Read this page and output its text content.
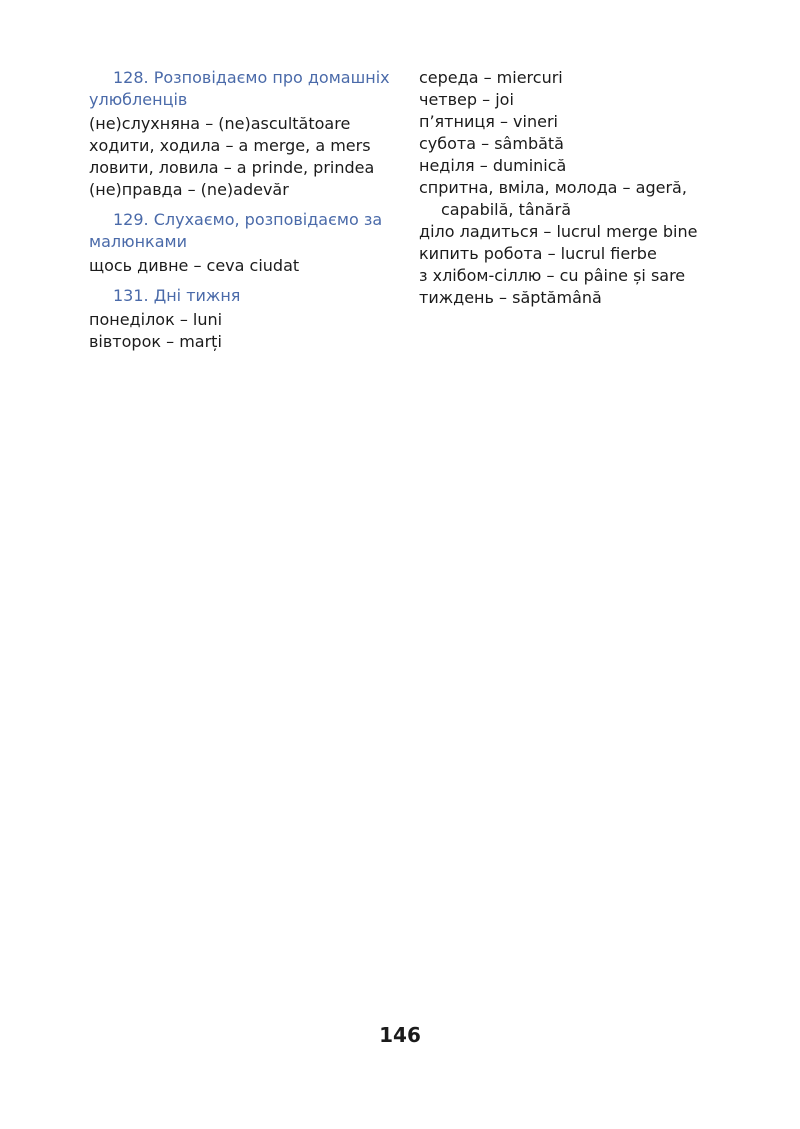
128. Розповідаємо про домашніх улюбленців

(не)слухняна – (ne)ascultătoare

ходити, ходила – a merge, a mers

ловити, ловила – a prinde, prindea

(не)правда – (ne)adevăr

129. Слухаємо, розповідаємо за малюнками

щось дивне – ceva ciudat

131. Дні тижня

понеділок – luni

вівторок – marți

середа – miercuri

четвер – joi

п’ятниця – vineri

субота – sâmbătă

неділя – duminică

спритна, вміла, молода – ageră,

capabilă, tânără

діло ладиться – lucrul merge bine

кипить робота – lucrul fierbe

з хлібом-сіллю – cu pâine și sare

тиждень – săptămână

146
